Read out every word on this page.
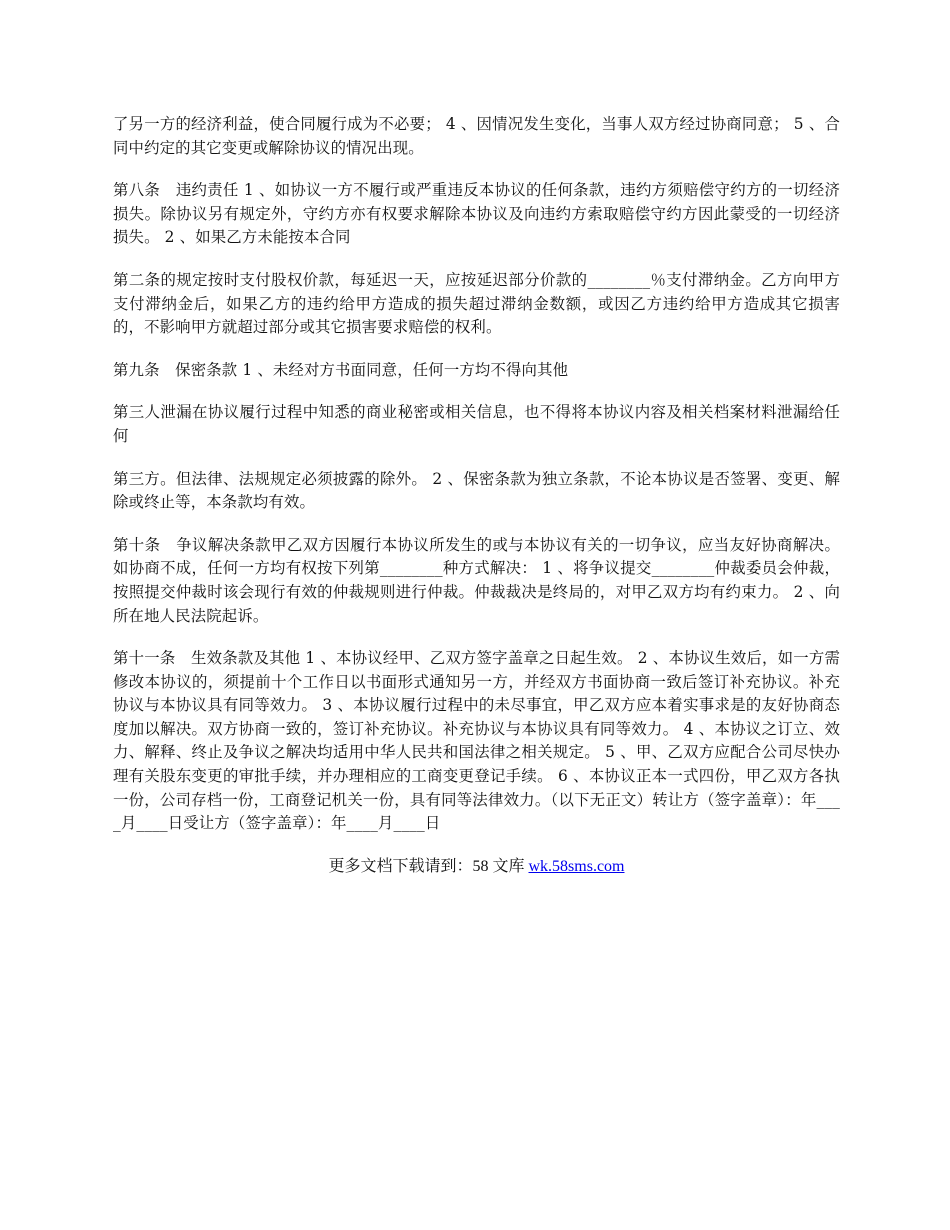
了另一方的经济利益，使合同履行成为不必要； 4 、因情况发生变化，当事人双方经过协商同意； 5 、合同中约定的其它变更或解除协议的情况出现。

第八条　违约责任 1 、如协议一方不履行或严重违反本协议的任何条款，违约方须赔偿守约方的一切经济损失。除协议另有规定外，守约方亦有权要求解除本协议及向违约方索取赔偿守约方因此蒙受的一切经济损失。 2 、如果乙方未能按本合同

第二条的规定按时支付股权价款，每延迟一天，应按延迟部分价款的________％支付滞纳金。乙方向甲方支付滞纳金后，如果乙方的违约给甲方造成的损失超过滞纳金数额，或因乙方违约给甲方造成其它损害的，不影响甲方就超过部分或其它损害要求赔偿的权利。

第九条　保密条款 1 、未经对方书面同意，任何一方均不得向其他

第三人泄漏在协议履行过程中知悉的商业秘密或相关信息，也不得将本协议内容及相关档案材料泄漏给任何

第三方。但法律、法规规定必须披露的除外。 2 、保密条款为独立条款，不论本协议是否签署、变更、解除或终止等，本条款均有效。

第十条　争议解决条款甲乙双方因履行本协议所发生的或与本协议有关的一切争议，应当友好协商解决。如协商不成，任何一方均有权按下列第________种方式解决： 1 、将争议提交________仲裁委员会仲裁，按照提交仲裁时该会现行有效的仲裁规则进行仲裁。仲裁裁决是终局的，对甲乙双方均有约束力。 2 、向所在地人民法院起诉。

第十一条　生效条款及其他 1 、本协议经甲、乙双方签字盖章之日起生效。 2 、本协议生效后，如一方需修改本协议的，须提前十个工作日以书面形式通知另一方，并经双方书面协商一致后签订补充协议。补充协议与本协议具有同等效力。 3 、本协议履行过程中的未尽事宜，甲乙双方应本着实事求是的友好协商态度加以解决。双方协商一致的，签订补充协议。补充协议与本协议具有同等效力。 4 、本协议之订立、效力、解释、终止及争议之解决均适用中华人民共和国法律之相关规定。 5 、甲、乙双方应配合公司尽快办理有关股东变更的审批手续，并办理相应的工商变更登记手续。 6 、本协议正本一式四份，甲乙双方各执一份，公司存档一份，工商登记机关一份，具有同等法律效力。（以下无正文）转让方（签字盖章）：年____月____日受让方（签字盖章）：年____月____日

更多文档下载请到：58 文库 wk.58sms.com
